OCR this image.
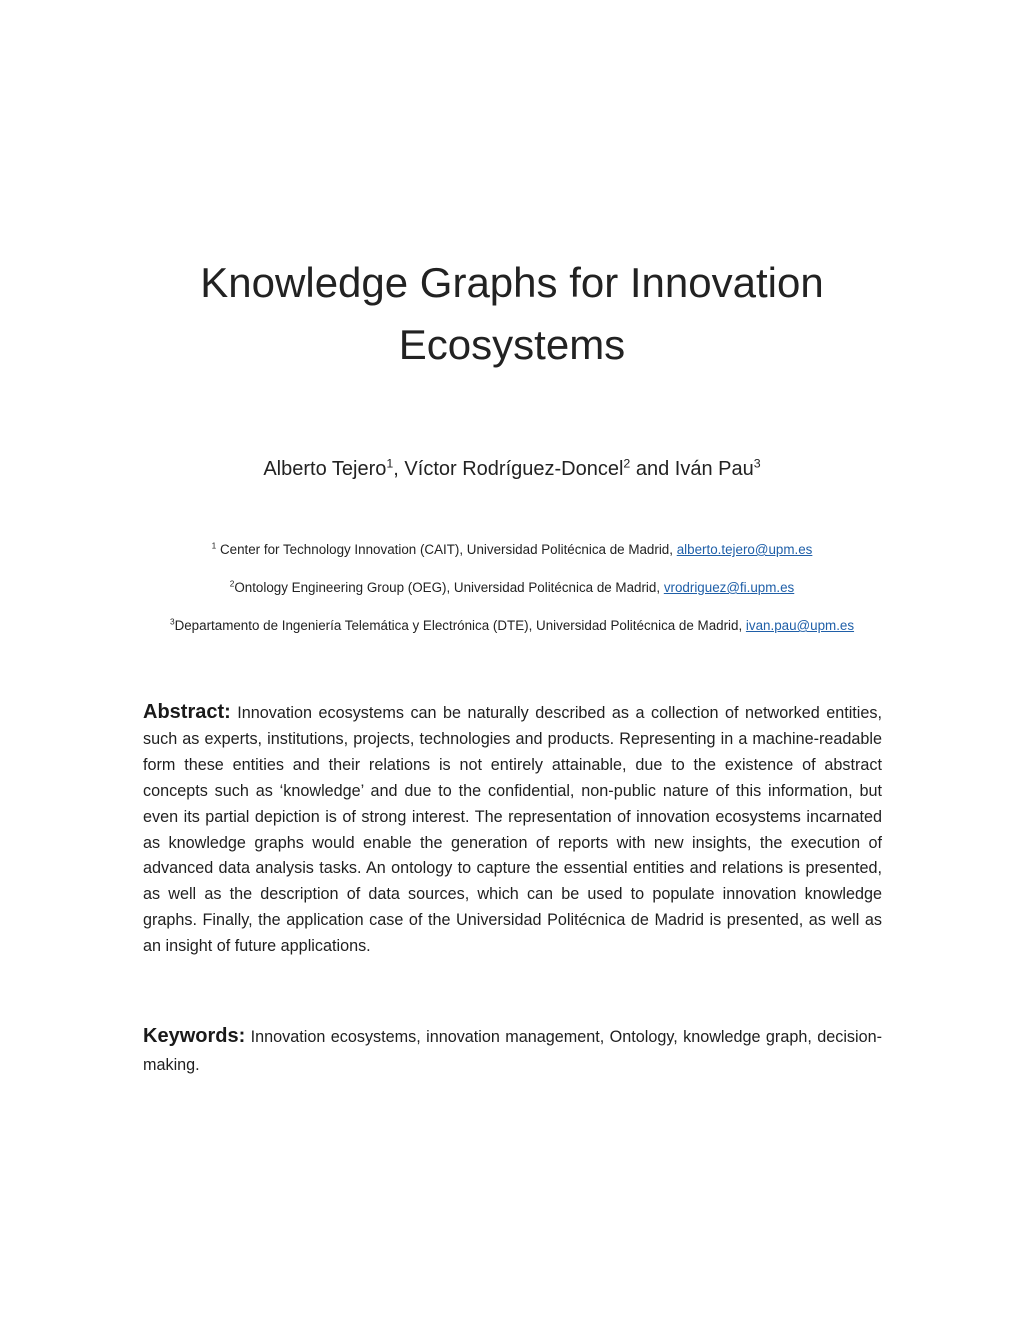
Knowledge Graphs for Innovation
Ecosystems
Alberto Tejero$^1$, Víctor Rodríguez-Doncel$^2$ and Iván Pau$^3$
$^1$ Center for Technology Innovation (CAIT), Universidad Politécnica de Madrid, alberto.tejero@upm.es
$^2$Ontology Engineering Group (OEG), Universidad Politécnica de Madrid, vrodriguez@fi.upm.es
$^3$Departamento de Ingeniería Telemática y Electrónica (DTE), Universidad Politécnica de Madrid, ivan.pau@upm.es

Abstract: Innovation ecosystems can be naturally described as a collection of networked entities, such as experts, institutions, projects, technologies and products. Representing in a machine-readable form these entities and their relations is not entirely attainable, due to the existence of abstract concepts such as ‘knowledge’ and due to the confidential, non-public nature of this information, but even its partial depiction is of strong interest. The representation of innovation ecosystems incarnated as knowledge graphs would enable the generation of reports with new insights, the execution of advanced data analysis tasks. An ontology to capture the essential entities and relations is presented, as well as the description of data sources, which can be used to populate innovation knowledge graphs. Finally, the application case of the Universidad Politécnica de Madrid is presented, as well as an insight of future applications.

Keywords: Innovation ecosystems, innovation management, Ontology, knowledge graph, decision-making.
